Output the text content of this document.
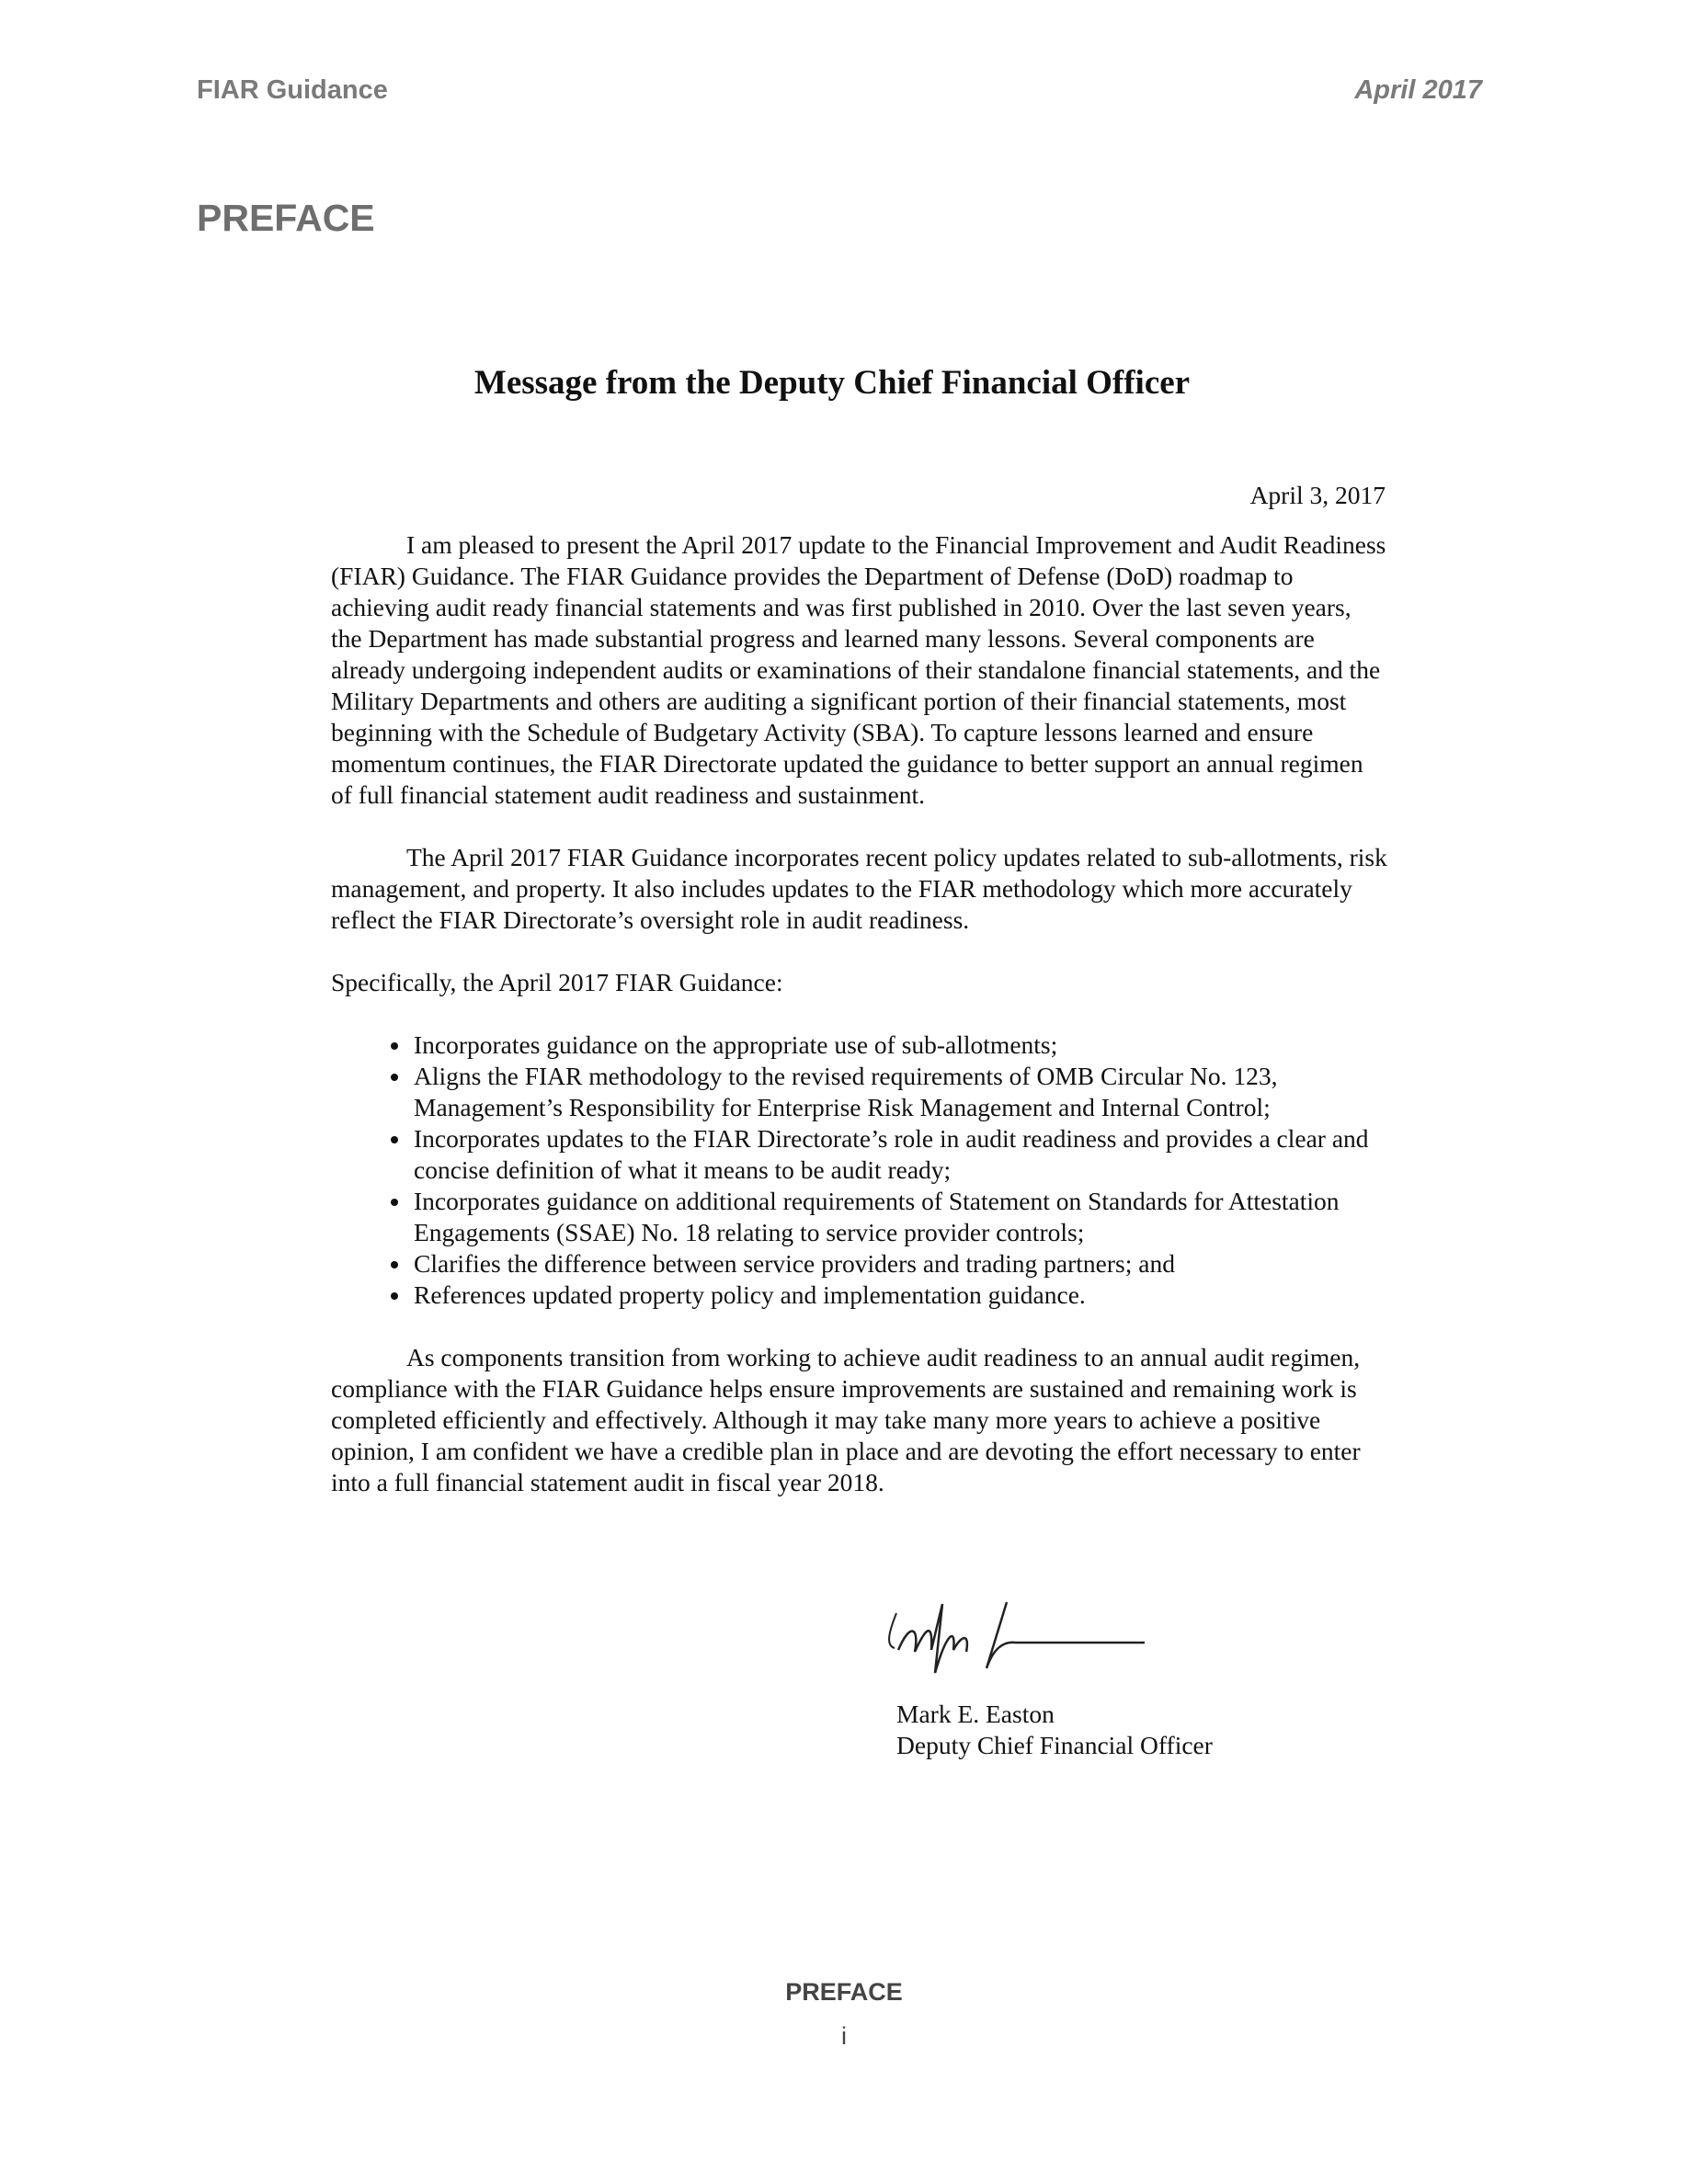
FIAR Guidance	April 2017
PREFACE
Message from the Deputy Chief Financial Officer
April 3, 2017

I am pleased to present the April 2017 update to the Financial Improvement and Audit Readiness (FIAR) Guidance. The FIAR Guidance provides the Department of Defense (DoD) roadmap to achieving audit ready financial statements and was first published in 2010. Over the last seven years, the Department has made substantial progress and learned many lessons. Several components are already undergoing independent audits or examinations of their standalone financial statements, and the Military Departments and others are auditing a significant portion of their financial statements, most beginning with the Schedule of Budgetary Activity (SBA). To capture lessons learned and ensure momentum continues, the FIAR Directorate updated the guidance to better support an annual regimen of full financial statement audit readiness and sustainment.

The April 2017 FIAR Guidance incorporates recent policy updates related to sub-allotments, risk management, and property. It also includes updates to the FIAR methodology which more accurately reflect the FIAR Directorate’s oversight role in audit readiness.

Specifically, the April 2017 FIAR Guidance:

• Incorporates guidance on the appropriate use of sub-allotments;
• Aligns the FIAR methodology to the revised requirements of OMB Circular No. 123, Management’s Responsibility for Enterprise Risk Management and Internal Control;
• Incorporates updates to the FIAR Directorate’s role in audit readiness and provides a clear and concise definition of what it means to be audit ready;
• Incorporates guidance on additional requirements of Statement on Standards for Attestation Engagements (SSAE) No. 18 relating to service provider controls;
• Clarifies the difference between service providers and trading partners; and
• References updated property policy and implementation guidance.

As components transition from working to achieve audit readiness to an annual audit regimen, compliance with the FIAR Guidance helps ensure improvements are sustained and remaining work is completed efficiently and effectively. Although it may take many more years to achieve a positive opinion, I am confident we have a credible plan in place and are devoting the effort necessary to enter into a full financial statement audit in fiscal year 2018.

Mark E. Easton
Deputy Chief Financial Officer
PREFACE
i
